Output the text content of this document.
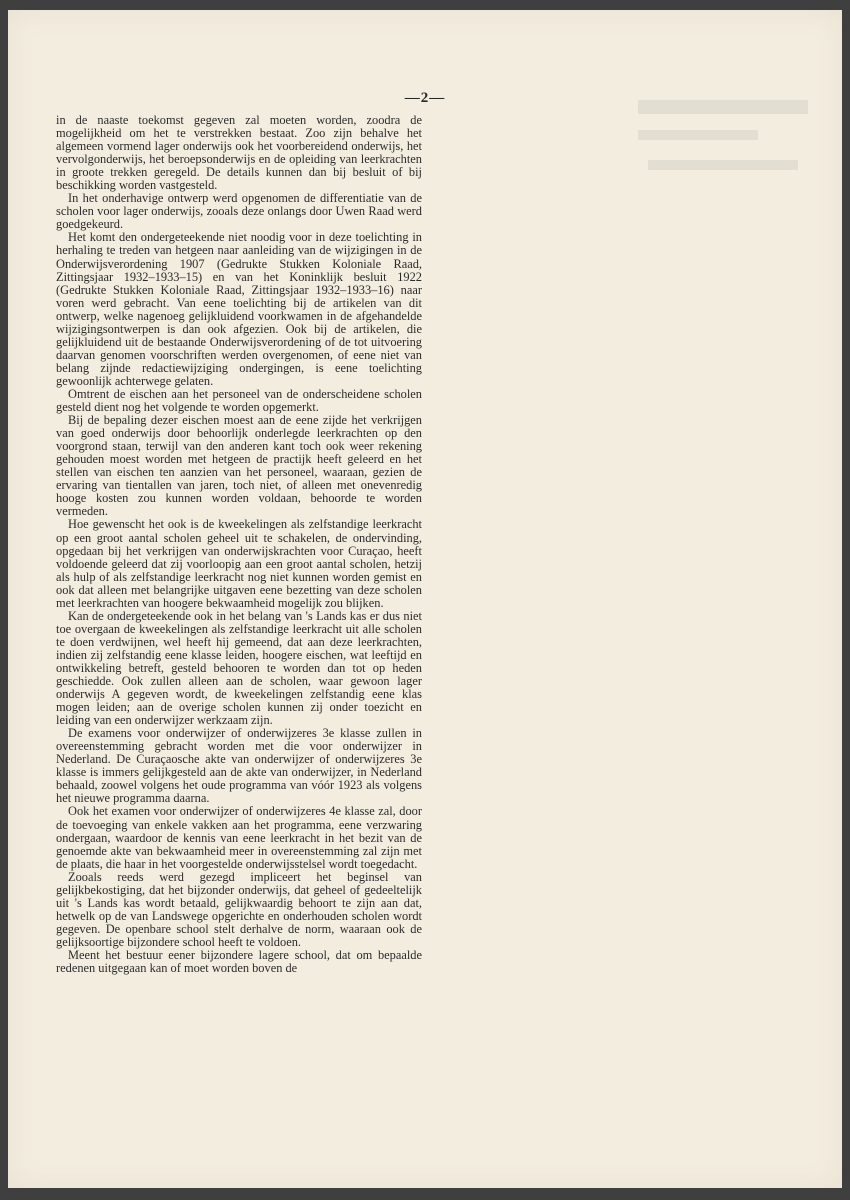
—2—

in de naaste toekomst gegeven zal moeten worden, zoodra de mogelijkheid om het te verstrekken bestaat. Zoo zijn behalve het algemeen vormend lager onderwijs ook het voorbereidend onderwijs, het vervolgonderwijs, het beroepsonderwijs en de opleiding van leerkrachten in groote trekken geregeld. De details kunnen dan bij besluit of bij beschikking worden vastgesteld.

In het onderhavige ontwerp werd opgenomen de differentiatie van de scholen voor lager onderwijs, zooals deze onlangs door Uwen Raad werd goedgekeurd.

Het komt den ondergeteekende niet noodig voor in deze toelichting in herhaling te treden van hetgeen naar aanleiding van de wijzigingen in de Onderwijsverordening 1907 (Gedrukte Stukken Koloniale Raad, Zittingsjaar 1932–1933–15) en van het Koninklijk besluit 1922 (Gedrukte Stukken Koloniale Raad, Zittingsjaar 1932–1933–16) naar voren werd gebracht. Van eene toelichting bij de artikelen van dit ontwerp, welke nagenoeg gelijkluidend voorkwamen in de afgehandelde wijzigingsontwerpen is dan ook afgezien. Ook bij de artikelen, die gelijkluidend uit de bestaande Onderwijsverordening of de tot uitvoering daarvan genomen voorschriften werden overgenomen, of eene niet van belang zijnde redactiewijziging ondergingen, is eene toelichting gewoonlijk achterwege gelaten.

Omtrent de eischen aan het personeel van de onderscheidene scholen gesteld dient nog het volgende te worden opgemerkt.

Bij de bepaling dezer eischen moest aan de eene zijde het verkrijgen van goed onderwijs door behoorlijk onderlegde leerkrachten op den voorgrond staan, terwijl van den anderen kant toch ook weer rekening gehouden moest worden met hetgeen de practijk heeft geleerd en het stellen van eischen ten aanzien van het personeel, waaraan, gezien de ervaring van tientallen van jaren, toch niet, of alleen met onevenredig hooge kosten zou kunnen worden voldaan, behoorde te worden vermeden.

Hoe gewenscht het ook is de kweekelingen als zelfstandige leerkracht op een groot aantal scholen geheel uit te schakelen, de ondervinding, opgedaan bij het verkrijgen van onderwijskrachten voor Curaçao, heeft voldoende geleerd dat zij voorloopig aan een groot aantal scholen, hetzij als hulp of als zelfstandige leerkracht nog niet kunnen worden gemist en ook dat alleen met belangrijke uitgaven eene bezetting van deze scholen met leerkrachten van hoogere bekwaamheid mogelijk zou blijken.

Kan de ondergeteekende ook in het belang van 's Lands kas er dus niet toe overgaan de kweekelingen als zelfstandige leerkracht uit alle scholen te doen verdwijnen, wel heeft hij gemeend, dat aan deze leerkrachten, indien zij zelfstandig eene klasse leiden, hoogere eischen, wat leeftijd en ontwikkeling betreft, gesteld behooren te worden dan tot op heden geschiedde. Ook zullen alleen aan de scholen, waar gewoon lager onderwijs A gegeven wordt, de kweekelingen zelfstandig eene klas mogen leiden; aan de overige scholen kunnen zij onder toezicht en leiding van een onderwijzer werkzaam zijn.

De examens voor onderwijzer of onderwijzeres 3e klasse zullen in overeenstemming gebracht worden met die voor onderwijzer in Nederland. De Curaçaosche akte van onderwijzer of onderwijzeres 3e klasse is immers gelijkgesteld aan de akte van onderwijzer, in Nederland behaald, zoowel volgens het oude programma van vóór 1923 als volgens het nieuwe programma daarna.

Ook het examen voor onderwijzer of onderwijzeres 4e klasse zal, door de toevoeging van enkele vakken aan het programma, eene verzwaring ondergaan, waardoor de kennis van eene leerkracht in het bezit van de genoemde akte van bekwaamheid meer in overeenstemming zal zijn met de plaats, die haar in het voorgestelde onderwijsstelsel wordt toegedacht.

Zooals reeds werd gezegd impliceert het beginsel van gelijkbekostiging, dat het bijzonder onderwijs, dat geheel of gedeeltelijk uit 's Lands kas wordt betaald, gelijkwaardig behoort te zijn aan dat, hetwelk op de van Landswege opgerichte en onderhouden scholen wordt gegeven. De openbare school stelt derhalve de norm, waaraan ook de gelijksoortige bijzondere school heeft te voldoen.

Meent het bestuur eener bijzondere lagere school, dat om bepaalde redenen uitgegaan kan of moet worden boven de
